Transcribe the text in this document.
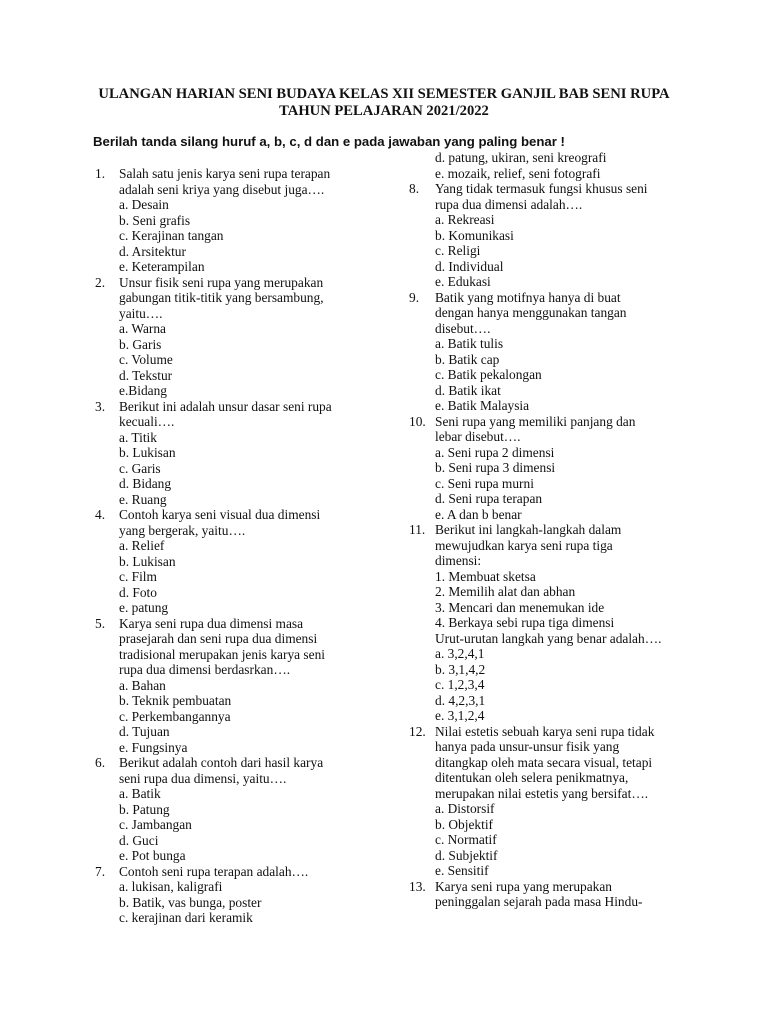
ULANGAN HARIAN SENI BUDAYA KELAS XII SEMESTER GANJIL BAB SENI RUPA
TAHUN PELAJARAN 2021/2022
Berilah tanda silang huruf a, b, c, d dan e pada jawaban yang paling benar !
1. Salah satu jenis karya seni rupa terapan
adalah seni kriya yang disebut juga….
a. Desain
b. Seni grafis
c. Kerajinan tangan
d. Arsitektur
e. Keterampilan
2. Unsur fisik seni rupa yang merupakan
gabungan titik-titik yang bersambung,
yaitu….
a. Warna
b. Garis
c. Volume
d. Tekstur
e.Bidang
3. Berikut ini adalah unsur dasar seni rupa
kecuali….
a. Titik
b. Lukisan
c. Garis
d. Bidang
e. Ruang
4. Contoh karya seni visual dua dimensi
yang bergerak, yaitu….
a. Relief
b. Lukisan
c. Film
d. Foto
e. patung
5. Karya seni rupa dua dimensi masa
prasejarah dan seni rupa dua dimensi
tradisional merupakan jenis karya seni
rupa dua dimensi berdasrkan….
a. Bahan
b. Teknik pembuatan
c. Perkembangannya
d. Tujuan
e. Fungsinya
6. Berikut adalah contoh dari hasil karya
seni rupa dua dimensi, yaitu….
a. Batik
b. Patung
c. Jambangan
d. Guci
e. Pot bunga
7. Contoh seni rupa terapan adalah….
a. lukisan, kaligrafi
b. Batik, vas bunga, poster
c. kerajinan dari keramik
d. patung, ukiran, seni kreografi
e. mozaik, relief, seni fotografi
8. Yang tidak termasuk fungsi khusus seni
rupa dua dimensi adalah….
a. Rekreasi
b. Komunikasi
c. Religi
d. Individual
e. Edukasi
9. Batik yang motifnya hanya di buat
dengan hanya menggunakan tangan
disebut….
a. Batik tulis
b. Batik cap
c. Batik pekalongan
d. Batik ikat
e. Batik Malaysia
10. Seni rupa yang memiliki panjang dan
lebar disebut….
a. Seni rupa 2 dimensi
b. Seni rupa 3 dimensi
c. Seni rupa murni
d. Seni rupa terapan
e. A dan b benar
11. Berikut ini langkah-langkah dalam
mewujudkan karya seni rupa tiga
dimensi:
1. Membuat sketsa
2. Memilih alat dan abhan
3. Mencari dan menemukan ide
4. Berkaya sebi rupa tiga dimensi
Urut-urutan langkah yang benar adalah….
a. 3,2,4,1
b. 3,1,4,2
c. 1,2,3,4
d. 4,2,3,1
e. 3,1,2,4
12. Nilai estetis sebuah karya seni rupa tidak
hanya pada unsur-unsur fisik yang
ditangkap oleh mata secara visual, tetapi
ditentukan oleh selera penikmatnya,
merupakan nilai estetis yang bersifat….
a. Distorsif
b. Objektif
c. Normatif
d. Subjektif
e. Sensitif
13. Karya seni rupa yang merupakan
peninggalan sejarah pada masa Hindu-
